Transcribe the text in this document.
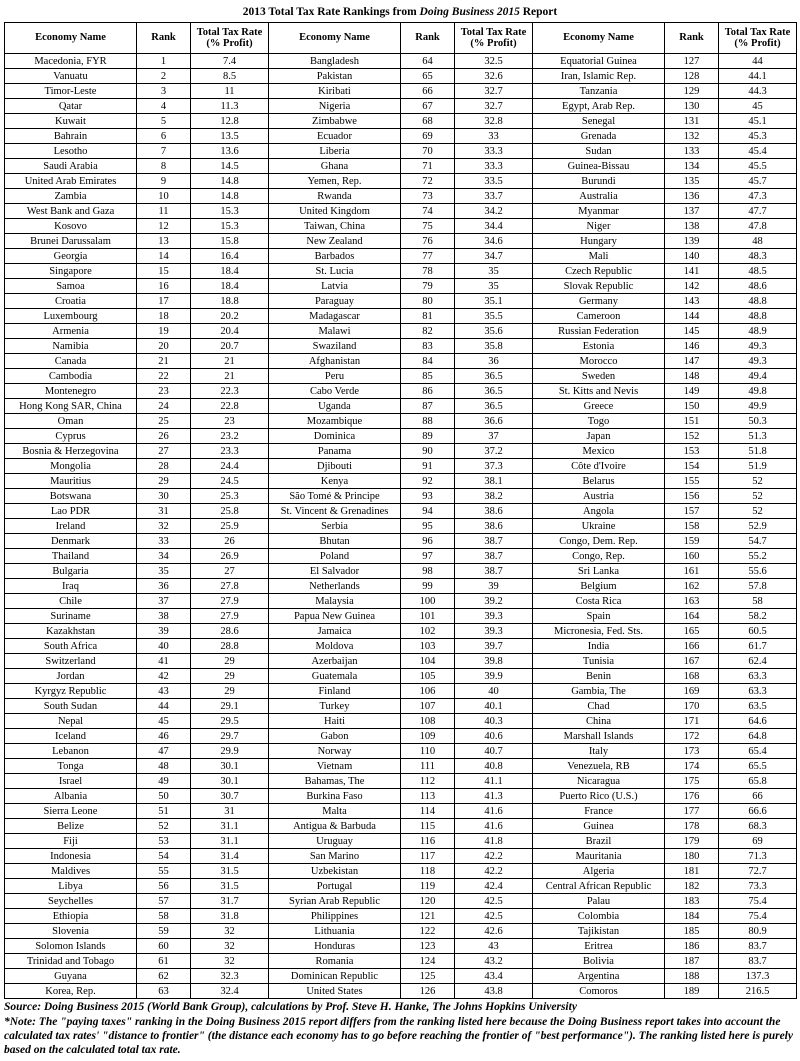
2013 Total Tax Rate Rankings from Doing Business 2015 Report
Economy Name	Rank	Total Tax Rate
(% Profit)	Economy Name	Rank	Total Tax Rate
(% Profit)	Economy Name	Rank	Total Tax Rate
(% Profit)
Macedonia, FYR	1	7.4	Bangladesh	64	32.5	Equatorial Guinea	127	44
Vanuatu	2	8.5	Pakistan	65	32.6	Iran, Islamic Rep.	128	44.1
Timor-Leste	3	11	Kiribati	66	32.7	Tanzania	129	44.3
Qatar	4	11.3	Nigeria	67	32.7	Egypt, Arab Rep.	130	45
Kuwait	5	12.8	Zimbabwe	68	32.8	Senegal	131	45.1
Bahrain	6	13.5	Ecuador	69	33	Grenada	132	45.3
Lesotho	7	13.6	Liberia	70	33.3	Sudan	133	45.4
Saudi Arabia	8	14.5	Ghana	71	33.3	Guinea-Bissau	134	45.5
United Arab Emirates	9	14.8	Yemen, Rep.	72	33.5	Burundi	135	45.7
Zambia	10	14.8	Rwanda	73	33.7	Australia	136	47.3
West Bank and Gaza	11	15.3	United Kingdom	74	34.2	Myanmar	137	47.7
Kosovo	12	15.3	Taiwan, China	75	34.4	Niger	138	47.8
Brunei Darussalam	13	15.8	New Zealand	76	34.6	Hungary	139	48
Georgia	14	16.4	Barbados	77	34.7	Mali	140	48.3
Singapore	15	18.4	St. Lucia	78	35	Czech Republic	141	48.5
Samoa	16	18.4	Latvia	79	35	Slovak Republic	142	48.6
Croatia	17	18.8	Paraguay	80	35.1	Germany	143	48.8
Luxembourg	18	20.2	Madagascar	81	35.5	Cameroon	144	48.8
Armenia	19	20.4	Malawi	82	35.6	Russian Federation	145	48.9
Namibia	20	20.7	Swaziland	83	35.8	Estonia	146	49.3
Canada	21	21	Afghanistan	84	36	Morocco	147	49.3
Cambodia	22	21	Peru	85	36.5	Sweden	148	49.4
Montenegro	23	22.3	Cabo Verde	86	36.5	St. Kitts and Nevis	149	49.8
Hong Kong SAR, China	24	22.8	Uganda	87	36.5	Greece	150	49.9
Oman	25	23	Mozambique	88	36.6	Togo	151	50.3
Cyprus	26	23.2	Dominica	89	37	Japan	152	51.3
Bosnia & Herzegovina	27	23.3	Panama	90	37.2	Mexico	153	51.8
Mongolia	28	24.4	Djibouti	91	37.3	Côte d'Ivoire	154	51.9
Mauritius	29	24.5	Kenya	92	38.1	Belarus	155	52
Botswana	30	25.3	São Tomé & Principe	93	38.2	Austria	156	52
Lao PDR	31	25.8	St. Vincent & Grenadines	94	38.6	Angola	157	52
Ireland	32	25.9	Serbia	95	38.6	Ukraine	158	52.9
Denmark	33	26	Bhutan	96	38.7	Congo, Dem. Rep.	159	54.7
Thailand	34	26.9	Poland	97	38.7	Congo, Rep.	160	55.2
Bulgaria	35	27	El Salvador	98	38.7	Sri Lanka	161	55.6
Iraq	36	27.8	Netherlands	99	39	Belgium	162	57.8
Chile	37	27.9	Malaysia	100	39.2	Costa Rica	163	58
Suriname	38	27.9	Papua New Guinea	101	39.3	Spain	164	58.2
Kazakhstan	39	28.6	Jamaica	102	39.3	Micronesia, Fed. Sts.	165	60.5
South Africa	40	28.8	Moldova	103	39.7	India	166	61.7
Switzerland	41	29	Azerbaijan	104	39.8	Tunisia	167	62.4
Jordan	42	29	Guatemala	105	39.9	Benin	168	63.3
Kyrgyz Republic	43	29	Finland	106	40	Gambia, The	169	63.3
South Sudan	44	29.1	Turkey	107	40.1	Chad	170	63.5
Nepal	45	29.5	Haiti	108	40.3	China	171	64.6
Iceland	46	29.7	Gabon	109	40.6	Marshall Islands	172	64.8
Lebanon	47	29.9	Norway	110	40.7	Italy	173	65.4
Tonga	48	30.1	Vietnam	111	40.8	Venezuela, RB	174	65.5
Israel	49	30.1	Bahamas, The	112	41.1	Nicaragua	175	65.8
Albania	50	30.7	Burkina Faso	113	41.3	Puerto Rico (U.S.)	176	66
Sierra Leone	51	31	Malta	114	41.6	France	177	66.6
Belize	52	31.1	Antigua & Barbuda	115	41.6	Guinea	178	68.3
Fiji	53	31.1	Uruguay	116	41.8	Brazil	179	69
Indonesia	54	31.4	San Marino	117	42.2	Mauritania	180	71.3
Maldives	55	31.5	Uzbekistan	118	42.2	Algeria	181	72.7
Libya	56	31.5	Portugal	119	42.4	Central African Republic	182	73.3
Seychelles	57	31.7	Syrian Arab Republic	120	42.5	Palau	183	75.4
Ethiopia	58	31.8	Philippines	121	42.5	Colombia	184	75.4
Slovenia	59	32	Lithuania	122	42.6	Tajikistan	185	80.9
Solomon Islands	60	32	Honduras	123	43	Eritrea	186	83.7
Trinidad and Tobago	61	32	Romania	124	43.2	Bolivia	187	83.7
Guyana	62	32.3	Dominican Republic	125	43.4	Argentina	188	137.3
Korea, Rep.	63	32.4	United States	126	43.8	Comoros	189	216.5
Source: Doing Business 2015 (World Bank Group), calculations by Prof. Steve H. Hanke, The Johns Hopkins University
*Note: The "paying taxes" ranking in the Doing Business 2015 report differs from the ranking listed here because the Doing Business report takes into account the calculated tax rates' "distance to frontier" (the distance each economy has to go before reaching the frontier of "best performance"). The ranking listed here is purely based on the calculated total tax rate.
